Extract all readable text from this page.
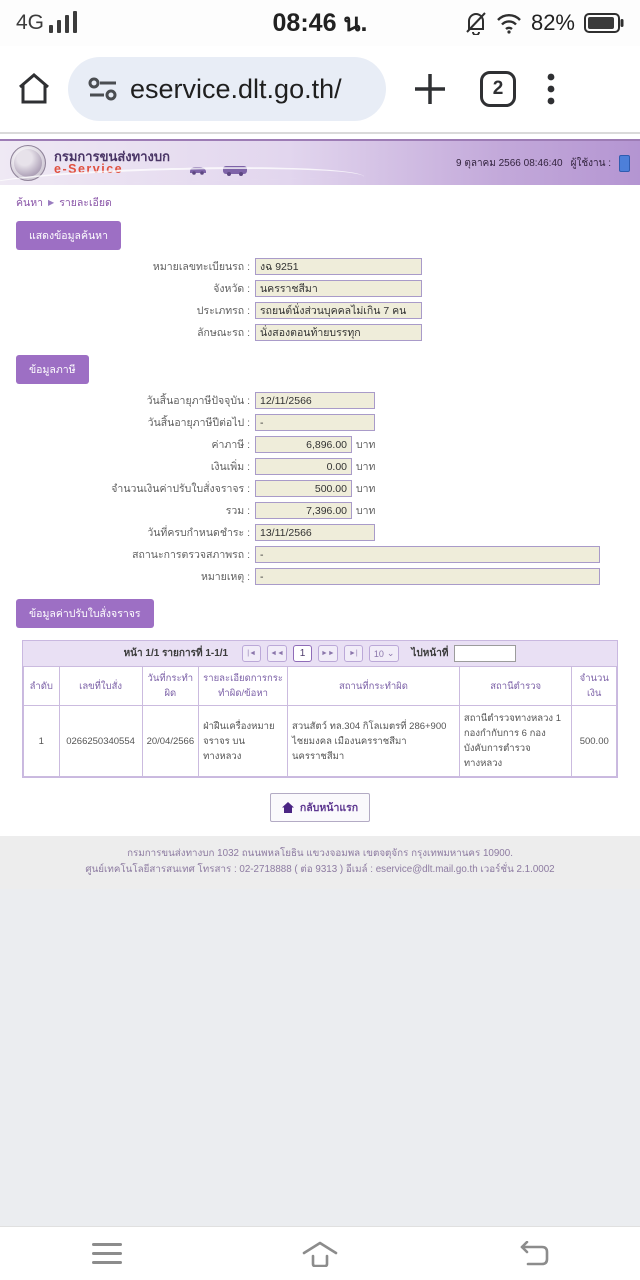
4G	08:46 น.	82%
eservice.dlt.go.th/	2
กรมการขนส่งทางบก
e-Service	9 ตุลาคม 2566 08:46:40 ผู้ใช้งาน :
ค้นหา ▶ รายละเอียด
แสดงข้อมูลค้นหา
หมายเลขทะเบียนรถ :
งฉ 9251
จังหวัด :
นครราชสีมา
ประเภทรถ :
รถยนต์นั่งส่วนบุคคลไม่เกิน 7 คน
ลักษณะรถ :
นั่งสองตอนท้ายบรรทุก
ข้อมูลภาษี
วันสิ้นอายุภาษีปัจจุบัน :
12/11/2566
วันสิ้นอายุภาษีปีต่อไป :
-
ค่าภาษี :
6,896.00	บาท
เงินเพิ่ม :
0.00	บาท
จำนวนเงินค่าปรับใบสั่งจราจร :
500.00	บาท
รวม :
7,396.00	บาท
วันที่ครบกำหนดชำระ :
13/11/2566
สถานะการตรวจสภาพรถ :
-
หมายเหตุ :
-
ข้อมูลค่าปรับใบสั่งจราจร
หน้า 1/1 รายการที่ 1-1/1	|◄	◄◄	1	►►	►|	10 ⌄ ไปหน้าที่
ลำดับ	เลขที่ใบสั่ง	วันที่กระทำผิด	รายละเอียดการกระทำผิด/ข้อหา	สถานที่กระทำผิด	สถานีตำรวจ	จำนวนเงิน
1	0266250340554	20/04/2566	ฝ่าฝืนเครื่องหมายจราจร บนทางหลวง	สวนสัตว์ ทล.304 กิโลเมตรที่ 286+900 ไชยมงคล เมืองนครราชสีมา นครราชสีมา	สถานีตำรวจทางหลวง 1 กองกำกับการ 6 กองบังคับการตำรวจทางหลวง	500.00
กลับหน้าแรก
กรมการขนส่งทางบก 1032 ถนนพหลโยธิน แขวงจอมพล เขตจตุจักร กรุงเทพมหานคร 10900.
ศูนย์เทคโนโลยีสารสนเทศ โทรสาร : 02-2718888 ( ต่อ 9313 ) อีเมล์ : eservice@dlt.mail.go.th เวอร์ชั่น 2.1.0002
